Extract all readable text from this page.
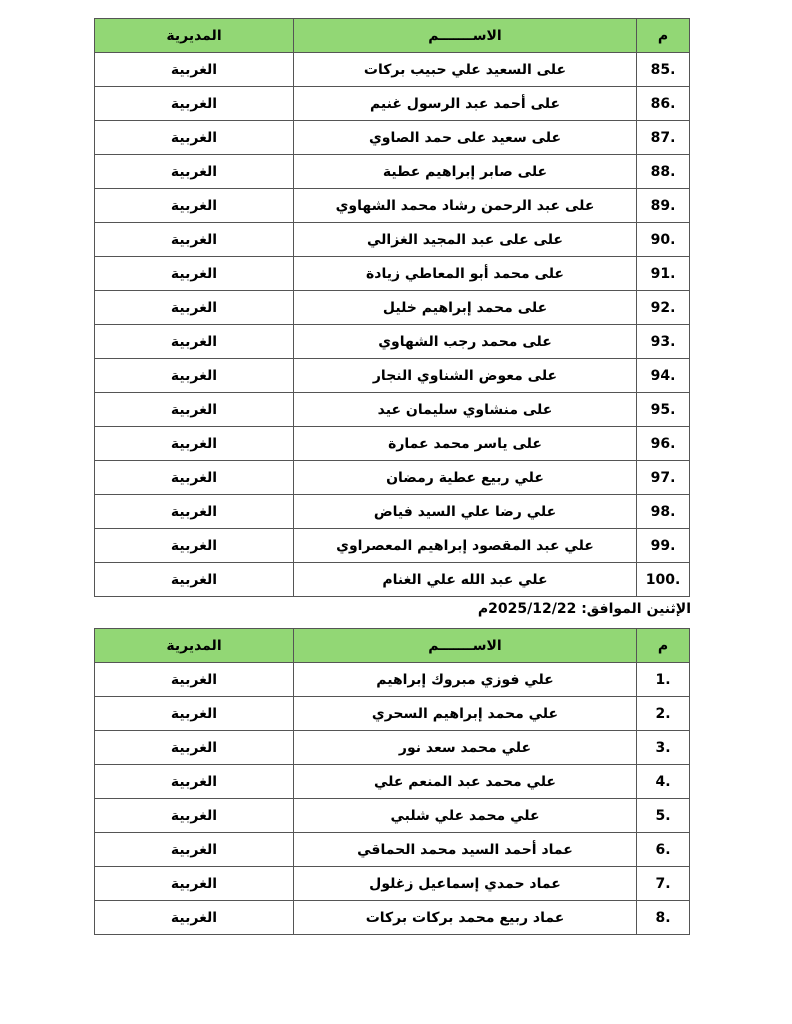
م	الاســـــــم	المديرية
85.	على السعيد علي حبيب بركات	الغربية
86.	على أحمد عبد الرسول غنيم	الغربية
87.	على سعيد على حمد الصاوي	الغربية
88.	على صابر إبراهيم عطية	الغربية
89.	على عبد الرحمن رشاد محمد الشهاوي	الغربية
90.	على على عبد المجيد الغزالي	الغربية
91.	على محمد أبو المعاطي زيادة	الغربية
92.	على محمد إبراهيم خليل	الغربية
93.	على محمد رجب الشهاوي	الغربية
94.	على معوض الشناوي النجار	الغربية
95.	على منشاوي سليمان عيد	الغربية
96.	على ياسر محمد عمارة	الغربية
97.	علي ربيع عطية رمضان	الغربية
98.	علي رضا علي السيد فياض	الغربية
99.	علي عبد المقصود إبراهيم المعصراوي	الغربية
100.	علي عبد الله علي الغنام	الغربية
الإثنين الموافق: 2025/12/22م
م	الاســـــــم	المديرية
1.	علي فوزي مبروك إبراهيم	الغربية
2.	علي محمد إبراهيم السحري	الغربية
3.	علي محمد سعد نور	الغربية
4.	علي محمد عبد المنعم علي	الغربية
5.	علي محمد علي شلبي	الغربية
6.	عماد أحمد السيد محمد الحماقي	الغربية
7.	عماد حمدي إسماعيل زغلول	الغربية
8.	عماد ربيع محمد بركات بركات	الغربية
